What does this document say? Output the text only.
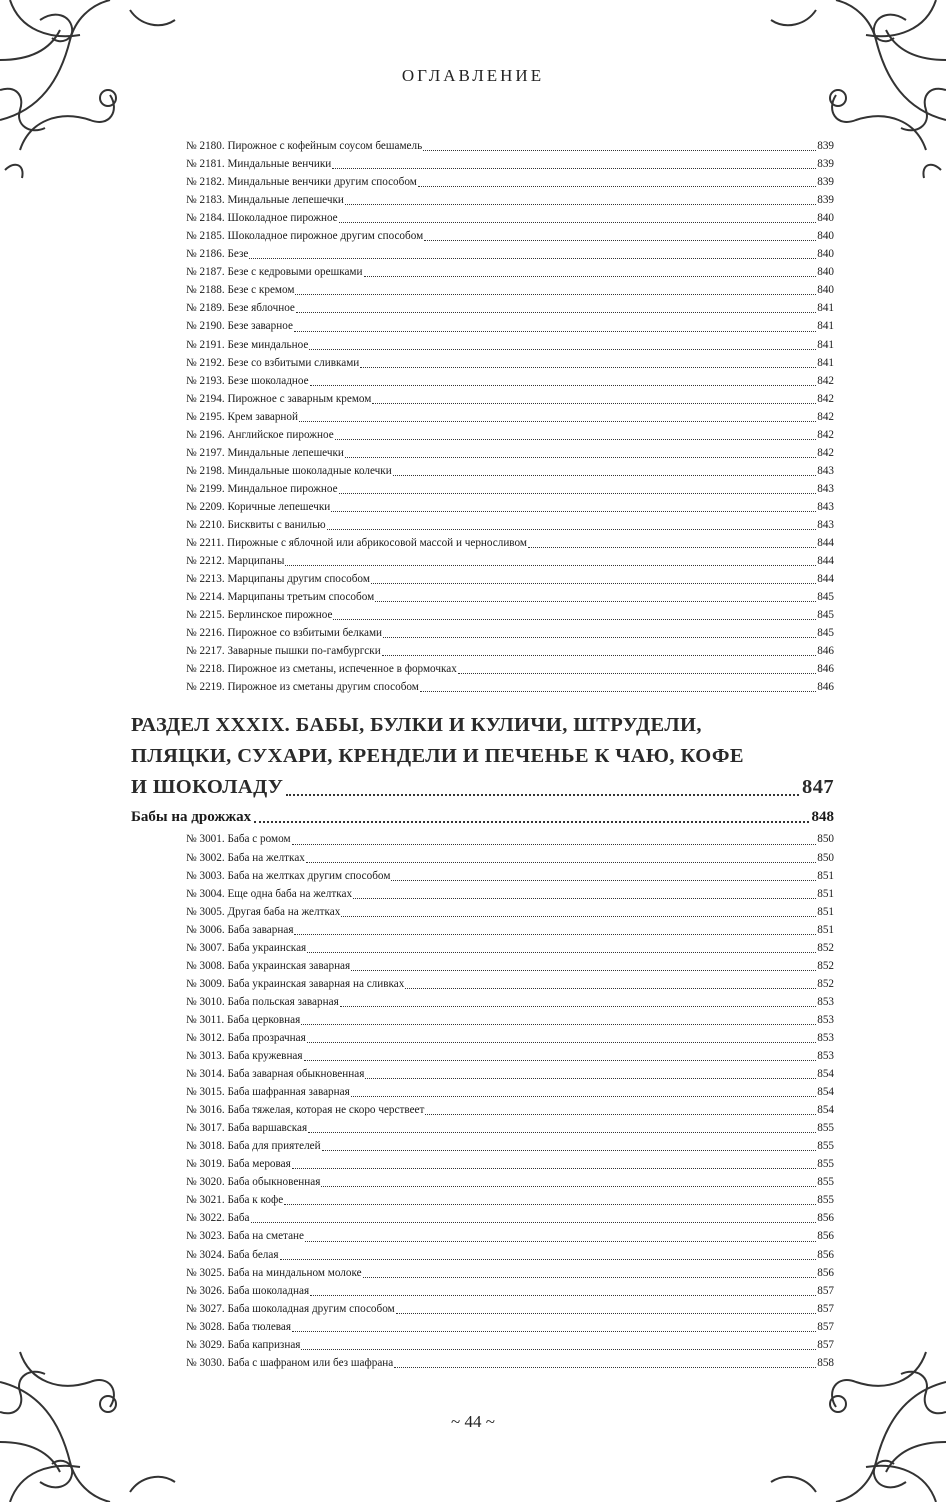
ОГЛАВЛЕНИЕ
№ 2180. Пирожное с кофейным соусом бешамель	839
№ 2181. Миндальные венчики	839
№ 2182. Миндальные венчики другим способом	839
№ 2183. Миндальные лепешечки	839
№ 2184. Шоколадное пирожное	840
№ 2185. Шоколадное пирожное другим способом	840
№ 2186. Безе	840
№ 2187. Безе с кедровыми орешками	840
№ 2188. Безе с кремом	840
№ 2189. Безе яблочное	841
№ 2190. Безе заварное	841
№ 2191. Безе миндальное	841
№ 2192. Безе со взбитыми сливками	841
№ 2193. Безе шоколадное	842
№ 2194. Пирожное с заварным кремом	842
№ 2195. Крем заварной	842
№ 2196. Английское пирожное	842
№ 2197. Миндальные лепешечки	842
№ 2198. Миндальные шоколадные колечки	843
№ 2199. Миндальное пирожное	843
№ 2209. Коричные лепешечки	843
№ 2210. Бисквиты с ванилью	843
№ 2211. Пирожные с яблочной или абрикосовой массой и черносливом	844
№ 2212. Марципаны	844
№ 2213. Марципаны другим способом	844
№ 2214. Марципаны третьим способом	845
№ 2215. Берлинское пирожное	845
№ 2216. Пирожное со взбитыми белками	845
№ 2217. Заварные пышки по-гамбургски	846
№ 2218. Пирожное из сметаны, испеченное в формочках	846
№ 2219. Пирожное из сметаны другим способом	846
РАЗДЕЛ XXXIX. БАБЫ, БУЛКИ И КУЛИЧИ, ШТРУДЕЛИ,
ПЛЯЦКИ, СУХАРИ, КРЕНДЕЛИ И ПЕЧЕНЬЕ К ЧАЮ, КОФЕ
И ШОКОЛАДУ	847
Бабы на дрожжах	848
№ 3001. Баба с ромом	850
№ 3002. Баба на желтках	850
№ 3003. Баба на желтках другим способом	851
№ 3004. Еще одна баба на желтках	851
№ 3005. Другая баба на желтках	851
№ 3006. Баба заварная	851
№ 3007. Баба украинская	852
№ 3008. Баба украинская заварная	852
№ 3009. Баба украинская заварная на сливках	852
№ 3010. Баба польская заварная	853
№ 3011. Баба церковная	853
№ 3012. Баба прозрачная	853
№ 3013. Баба кружевная	853
№ 3014. Баба заварная обыкновенная	854
№ 3015. Баба шафранная заварная	854
№ 3016. Баба тяжелая, которая не скоро черствеет	854
№ 3017. Баба варшавская	855
№ 3018. Баба для приятелей	855
№ 3019. Баба меровая	855
№ 3020. Баба обыкновенная	855
№ 3021. Баба к кофе	855
№ 3022. Баба	856
№ 3023. Баба на сметане	856
№ 3024. Баба белая	856
№ 3025. Баба на миндальном молоке	856
№ 3026. Баба шоколадная	857
№ 3027. Баба шоколадная другим способом	857
№ 3028. Баба тюлевая	857
№ 3029. Баба капризная	857
№ 3030. Баба с шафраном или без шафрана	858
~ 44 ~
